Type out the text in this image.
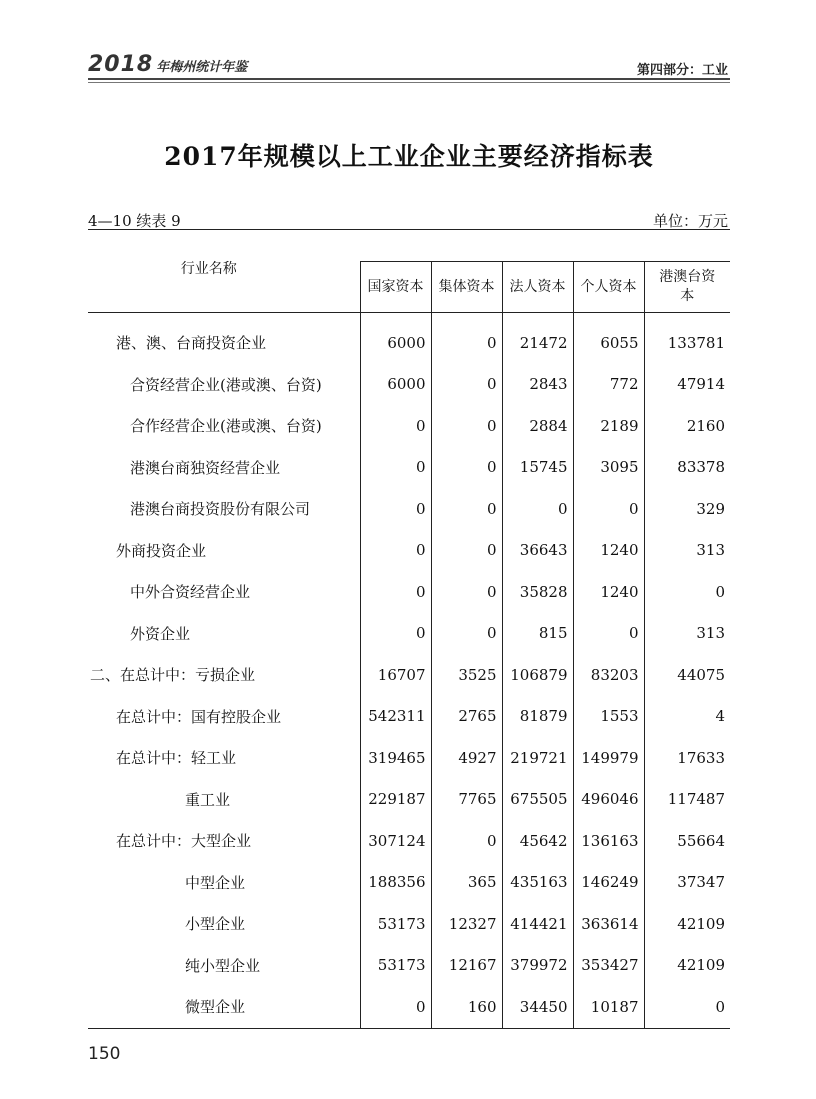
2018 年梅州统计年鉴	第四部分：工业
2017年规模以上工业企业主要经济指标表
4—10 续表 9	单位：万元
行业名称					
	国家资本	集体资本	法人资本	个人资本	港澳台资本

港、澳、台商投资企业	6000	0	21472	6055	133781
合资经营企业(港或澳、台资)	6000	0	2843	772	47914
合作经营企业(港或澳、台资)	0	0	2884	2189	2160
港澳台商独资经营企业	0	0	15745	3095	83378
港澳台商投资股份有限公司	0	0	0	0	329
外商投资企业	0	0	36643	1240	313
中外合资经营企业	0	0	35828	1240	0
外资企业	0	0	815	0	313
二、在总计中：亏损企业	16707	3525	106879	83203	44075
在总计中：国有控股企业	542311	2765	81879	1553	4
在总计中：轻工业	319465	4927	219721	149979	17633
重工业	229187	7765	675505	496046	117487
在总计中：大型企业	307124	0	45642	136163	55664
中型企业	188356	365	435163	146249	37347
小型企业	53173	12327	414421	363614	42109
纯小型企业	53173	12167	379972	353427	42109
微型企业	0	160	34450	10187	0
150
